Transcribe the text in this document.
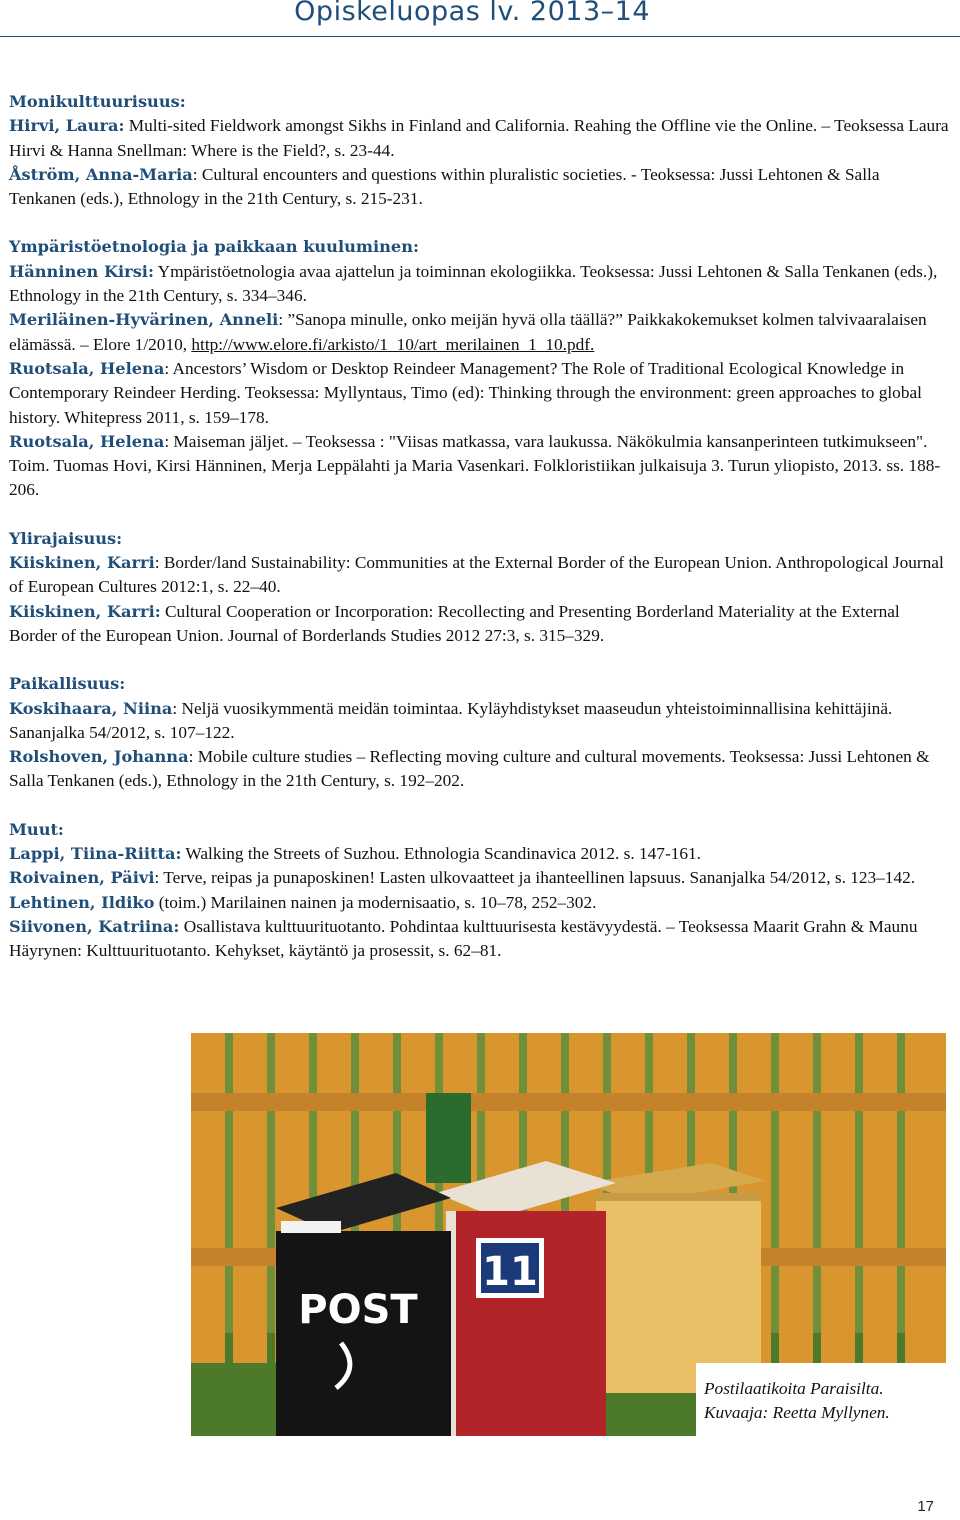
Opiskeluopas lv. 2013–14
Monikulttuurisuus:

Hirvi, Laura: Multi-sited Fieldwork amongst Sikhs in Finland and California. Reahing the Offline vie the Online. – Teoksessa Laura Hirvi & Hanna Snellman: Where is the Field?, s. 23-44.

Åström, Anna-Maria: Cultural encounters and questions within pluralistic societies. - Teoksessa: Jussi Lehtonen & Salla Tenkanen (eds.), Ethnology in the 21th Century, s. 215-231.

Ympäristöetnologia ja paikkaan kuuluminen:

Hänninen Kirsi: Ympäristöetnologia avaa ajattelun ja toiminnan ekologiikka. Teoksessa: Jussi Lehtonen & Salla Tenkanen (eds.), Ethnology in the 21th Century, s. 334–346.

Meriläinen-Hyvärinen, Anneli: ”Sanopa minulle, onko meijän hyvä olla täällä?” Paikkakokemukset kolmen talvivaaralaisen elämässä. – Elore 1/2010, http://www.elore.fi/arkisto/1_10/art_merilainen_1_10.pdf.

Ruotsala, Helena: Ancestors’ Wisdom or Desktop Reindeer Management? The Role of Traditional Ecological Knowledge in Contemporary Reindeer Herding. Teoksessa: Myllyntaus, Timo (ed): Thinking through the environment: green approaches to global history. Whitepress 2011, s. 159–178.

Ruotsala, Helena: Maiseman jäljet. – Teoksessa : "Viisas matkassa, vara laukussa. Näkökulmia kansanperinteen tutkimukseen". Toim. Tuomas Hovi, Kirsi Hänninen, Merja Leppälahti ja Maria Vasenkari. Folkloristiikan julkaisuja 3. Turun yliopisto, 2013. ss. 188-206.

Ylirajaisuus:

Kiiskinen, Karri: Border/land Sustainability: Communities at the External Border of the European Union. Anthropological Journal of European Cultures 2012:1, s. 22–40.

Kiiskinen, Karri: Cultural Cooperation or Incorporation: Recollecting and Presenting Borderland Materiality at the External Border of the European Union. Journal of Borderlands Studies 2012 27:3, s. 315–329.

Paikallisuus:

Koskihaara, Niina: Neljä vuosikymmentä meidän toimintaa. Kyläyhdistykset maaseudun yhteistoiminnallisina kehittäjinä. Sananjalka 54/2012, s. 107–122.

Rolshoven, Johanna: Mobile culture studies – Reflecting moving culture and cultural movements. Teoksessa: Jussi Lehtonen & Salla Tenkanen (eds.), Ethnology in the 21th Century, s. 192–202.

Muut:

Lappi, Tiina-Riitta: Walking the Streets of Suzhou. Ethnologia Scandinavica 2012. s. 147-161.

Roivainen, Päivi: Terve, reipas ja punaposkinen! Lasten ulkovaatteet ja ihanteellinen lapsuus. Sananjalka 54/2012, s. 123–142.

Lehtinen, Ildiko (toim.) Marilainen nainen ja modernisaatio, s. 10–78, 252–302.

Siivonen, Katriina: Osallistava kulttuurituotanto. Pohdintaa kulttuurisesta kestävyydestä. – Teoksessa Maarit Grahn & Maunu Häyrynen: Kulttuurituotanto. Kehykset, käytäntö ja prosessit, s. 62–81.

11
POST
Postilaatikoita Paraisilta.
Kuvaaja: Reetta Myllynen.
17
